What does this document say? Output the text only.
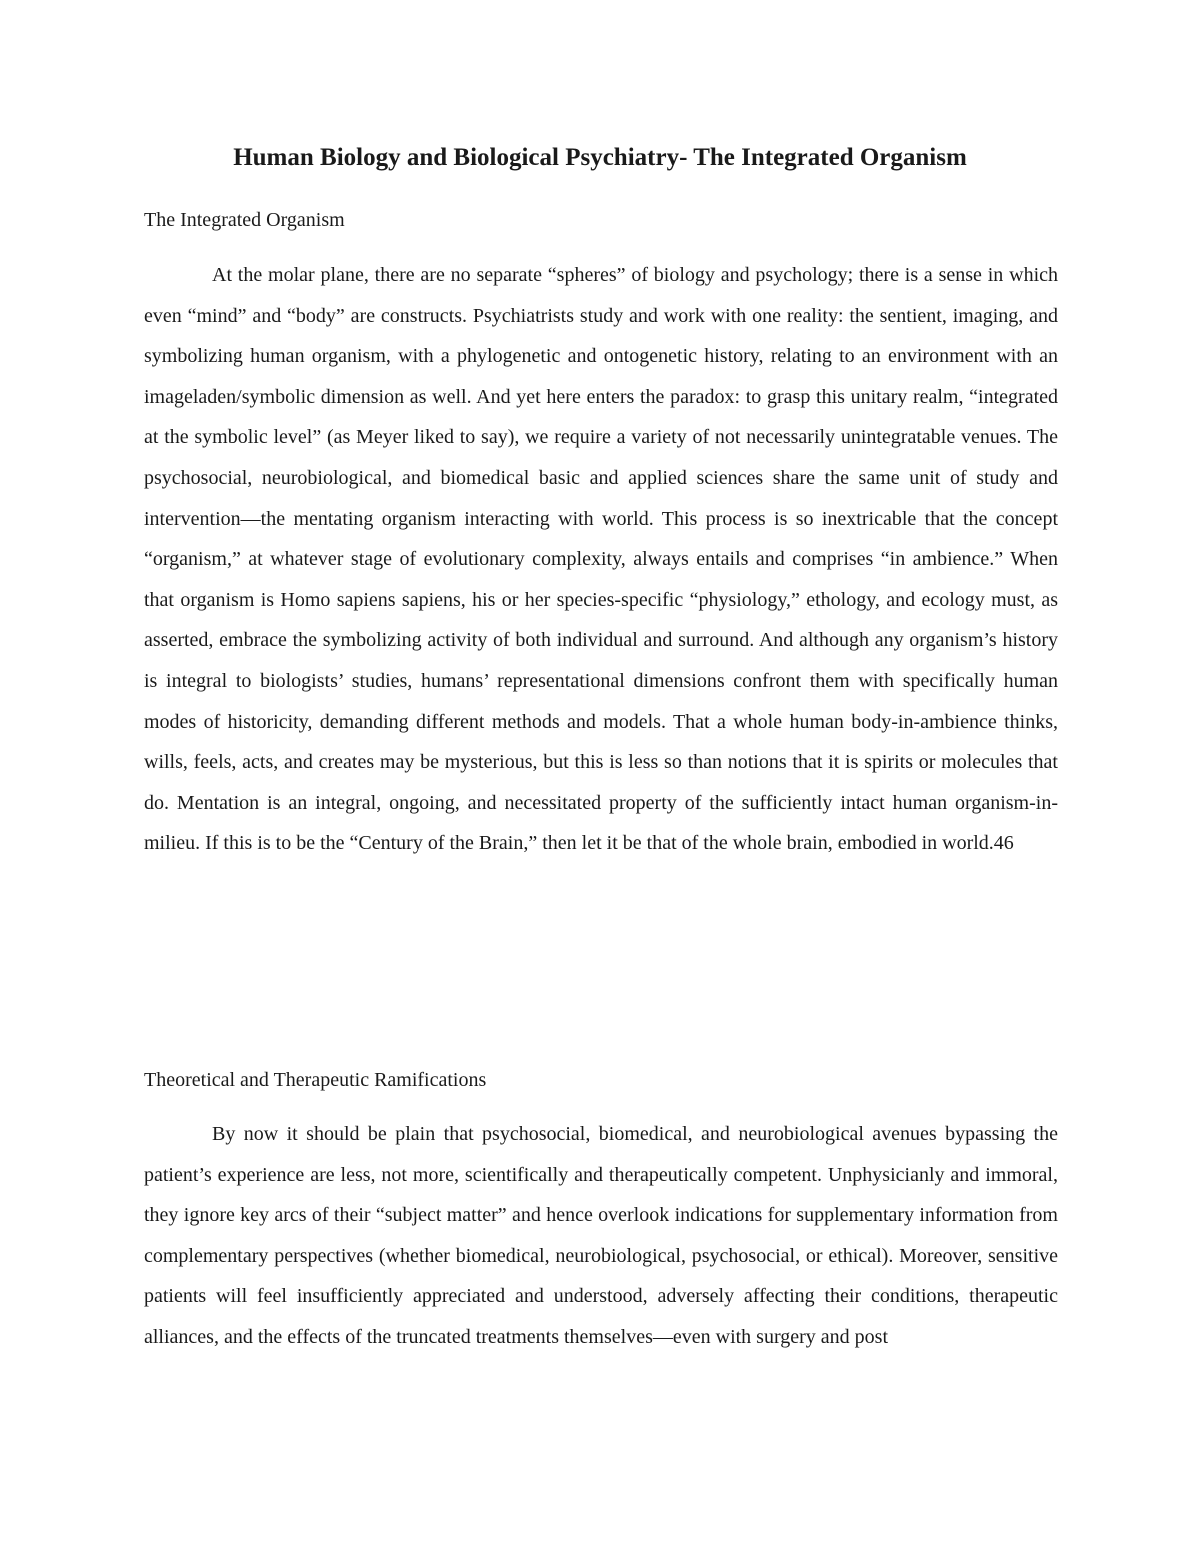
Human Biology and Biological Psychiatry- The Integrated Organism
The Integrated Organism

At the molar plane, there are no separate “spheres” of biology and psychology; there is a sense in which even “mind” and “body” are constructs. Psychiatrists study and work with one reality: the sentient, imaging, and symbolizing human organism, with a phylogenetic and ontogenetic history, relating to an environment with an imageladen/symbolic dimension as well. And yet here enters the paradox: to grasp this unitary realm, “integrated at the symbolic level” (as Meyer liked to say), we require a variety of not necessarily unintegratable venues. The psychosocial, neurobiological, and biomedical basic and applied sciences share the same unit of study and intervention—the mentating organism interacting with world. This process is so inextricable that the concept “organism,” at whatever stage of evolutionary complexity, always entails and comprises “in ambience.” When that organism is Homo sapiens sapiens, his or her species-specific “physiology,” ethology, and ecology must, as asserted, embrace the symbolizing activity of both individual and surround. And although any organism’s history is integral to biologists’ studies, humans’ representational dimensions confront them with specifically human modes of historicity, demanding different methods and models. That a whole human body-in-ambience thinks, wills, feels, acts, and creates may be mysterious, but this is less so than notions that it is spirits or molecules that do. Mentation is an integral, ongoing, and necessitated property of the sufficiently intact human organism-in-milieu. If this is to be the “Century of the Brain,” then let it be that of the whole brain, embodied in world.46

Theoretical and Therapeutic Ramifications

By now it should be plain that psychosocial, biomedical, and neurobiological avenues bypassing the patient’s experience are less, not more, scientifically and therapeutically competent. Unphysicianly and immoral, they ignore key arcs of their “subject matter” and hence overlook indications for supplementary information from complementary perspectives (whether biomedical, neurobiological, psychosocial, or ethical). Moreover, sensitive patients will feel insufficiently appreciated and understood, adversely affecting their conditions, therapeutic alliances, and the effects of the truncated treatments themselves—even with surgery and post
